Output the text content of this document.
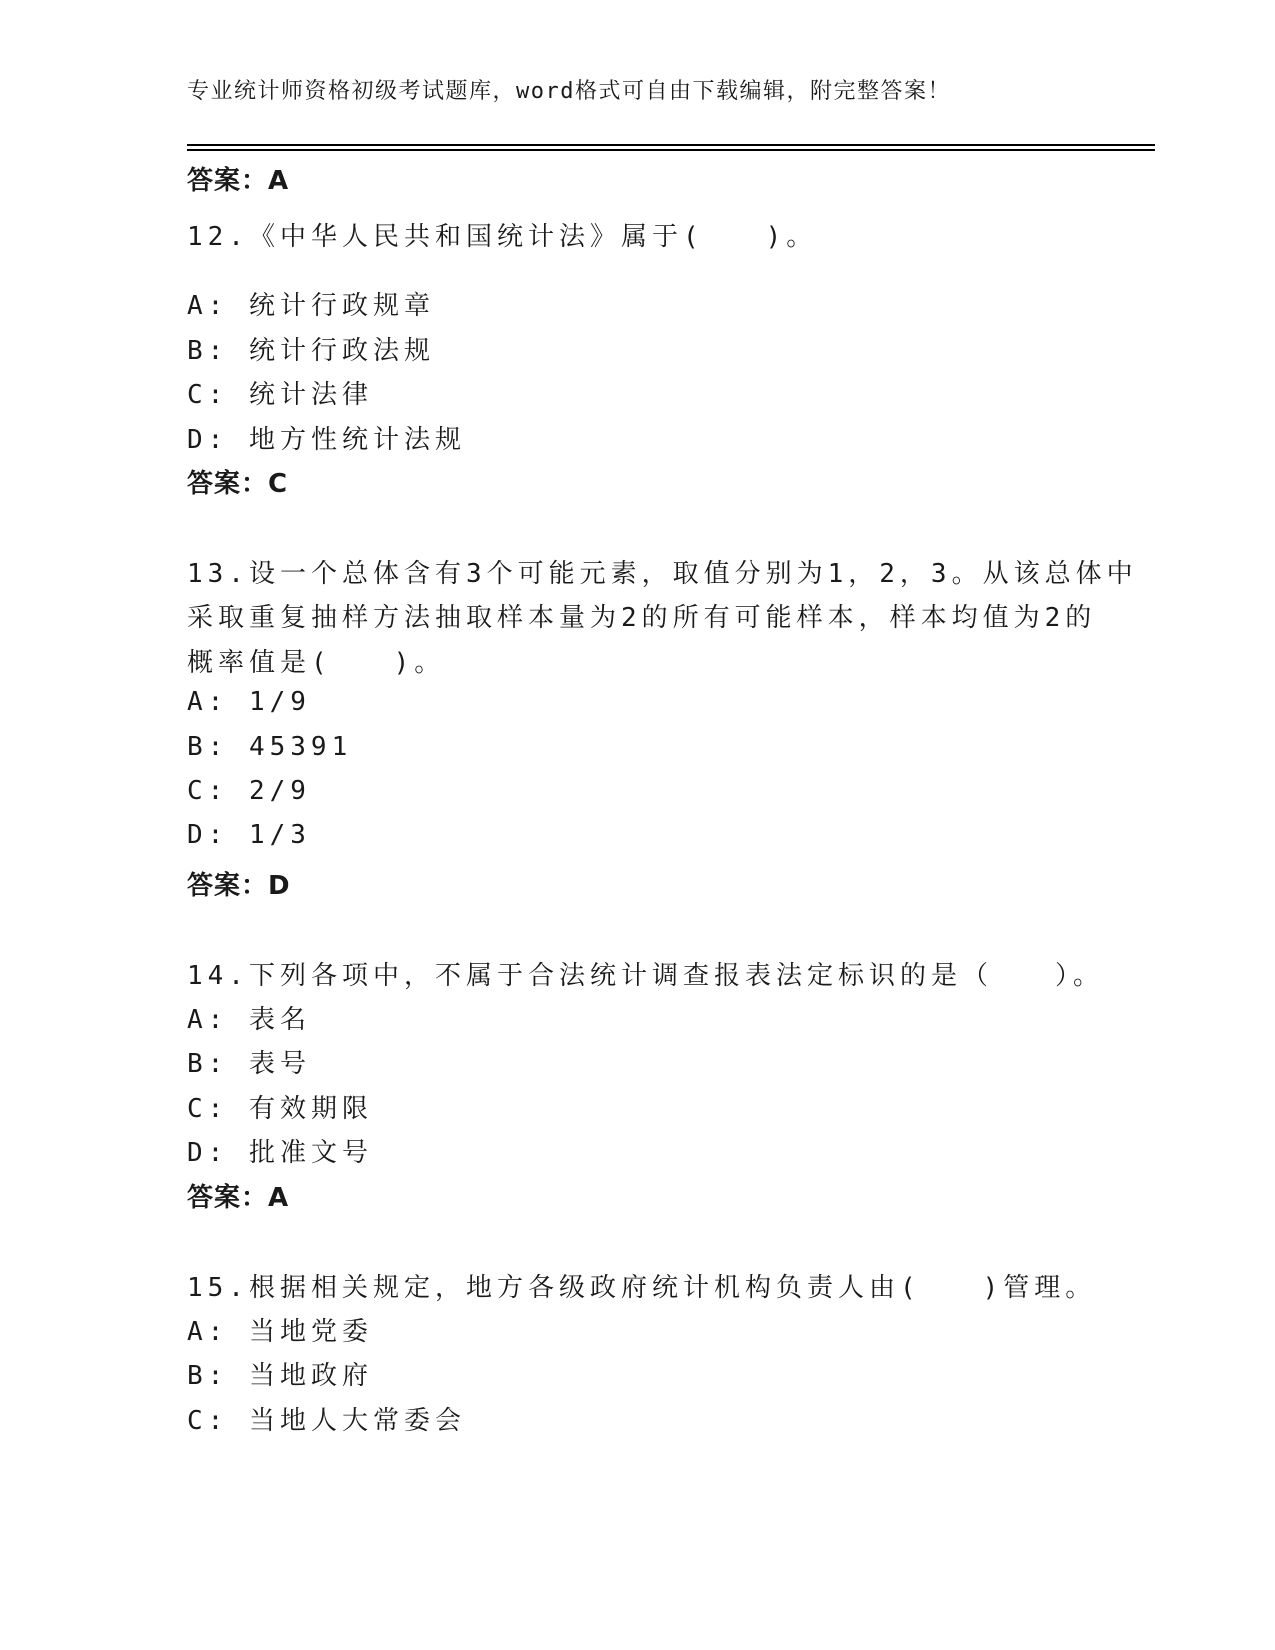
专业统计师资格初级考试题库，word格式可自由下载编辑，附完整答案！
答案：A
12.《中华人民共和国统计法》属于(　　)。
A: 统计行政规章
B: 统计行政法规
C: 统计法律
D: 地方性统计法规
答案：C
13.设一个总体含有3个可能元素，取值分别为1，2，3。从该总体中
采取重复抽样方法抽取样本量为2的所有可能样本，样本均值为2的
概率值是(　　)。
A: 1/9
B: 45391
C: 2/9
D: 1/3
答案：D
14.下列各项中，不属于合法统计调查报表法定标识的是（　　）。
A: 表名
B: 表号
C: 有效期限
D: 批准文号
答案：A
15.根据相关规定，地方各级政府统计机构负责人由(　　)管理。
A: 当地党委
B: 当地政府
C: 当地人大常委会
